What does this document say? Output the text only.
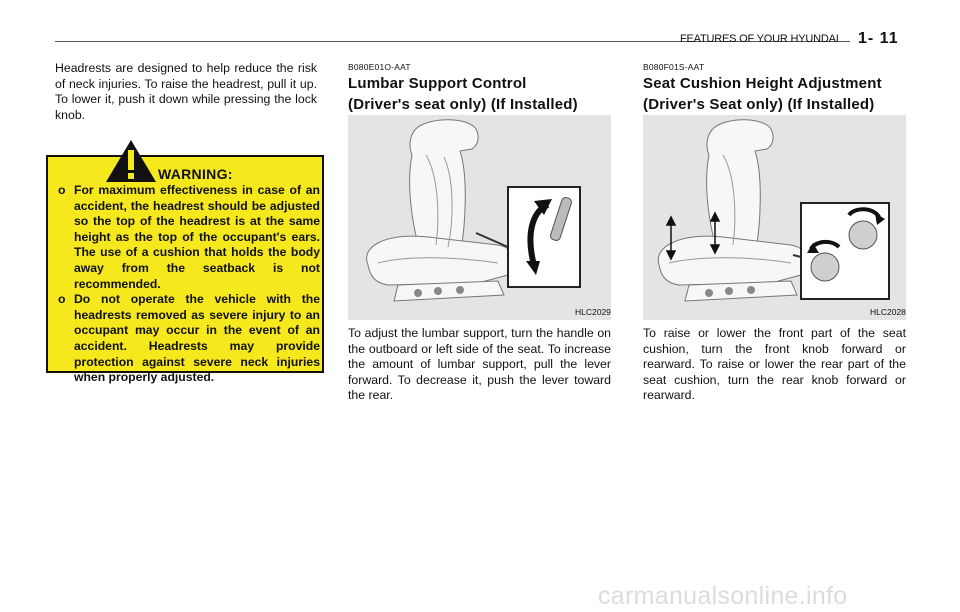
FEATURES OF YOUR HYUNDAI 1- 11
Headrests are designed to help reduce the risk of neck injuries. To raise the headrest, pull it up. To lower it, push it down while pressing the lock knob.
WARNING:
o For maximum effectiveness in case of an accident, the headrest should be adjusted so the top of the headrest is at the same height as the top of the occupant's ears. The use of a cushion that holds the body away from the seatback is not recommended.
o Do not operate the vehicle with the headrests removed as severe injury to an occupant may occur in the event of an accident. Headrests may provide protection against severe neck injuries when properly adjusted.
B080E01O-AAT
Lumbar Support Control
(Driver's seat only) (If Installed)
HLC2029
To adjust the lumbar support, turn the handle on the outboard or left side of the seat. To increase the amount of lumbar support, pull the lever forward. To decrease it, push the lever toward the rear.
B080F01S-AAT
Seat Cushion Height Adjustment
(Driver's Seat only) (If Installed)
HLC2028
To raise or lower the front part of the seat cushion, turn the front knob forward or rearward. To raise or lower the rear part of the seat cushion, turn the rear knob forward or rearward.
carmanualsonline.info
